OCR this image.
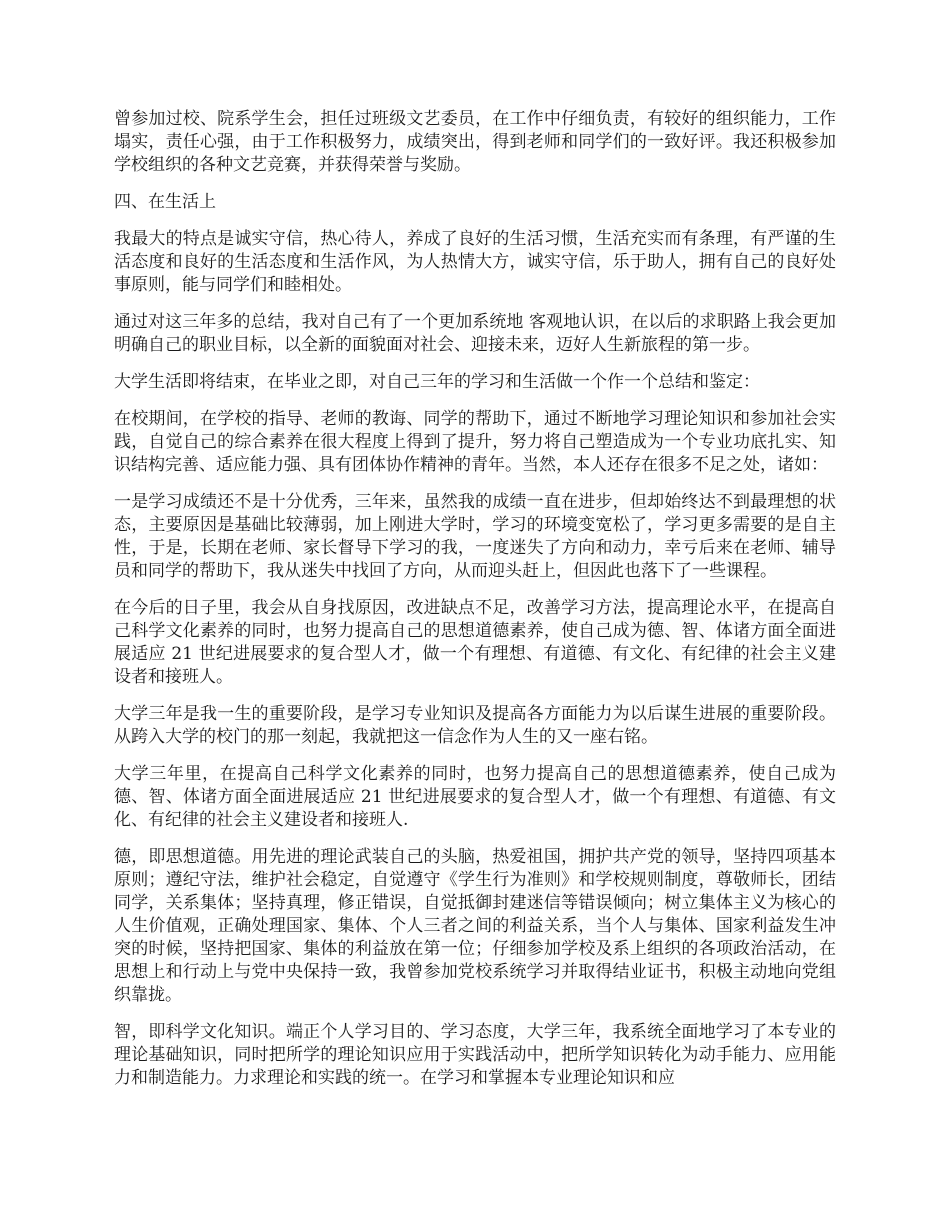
曾参加过校、院系学生会，担任过班级文艺委员，在工作中仔细负责，有较好的组织能力，工作塌实，责任心强，由于工作积极努力，成绩突出，得到老师和同学们的一致好评。我还积极参加学校组织的各种文艺竞赛，并获得荣誉与奖励。

四、在生活上

我最大的特点是诚实守信，热心待人，养成了良好的生活习惯，生活充实而有条理，有严谨的生活态度和良好的生活态度和生活作风，为人热情大方，诚实守信，乐于助人，拥有自己的良好处事原则，能与同学们和睦相处。

通过对这三年多的总结，我对自己有了一个更加系统地 客观地认识，在以后的求职路上我会更加明确自己的职业目标，以全新的面貌面对社会、迎接未来，迈好人生新旅程的第一步。

大学生活即将结束，在毕业之即，对自己三年的学习和生活做一个作一个总结和鉴定：

在校期间，在学校的指导、老师的教诲、同学的帮助下，通过不断地学习理论知识和参加社会实践，自觉自己的综合素养在很大程度上得到了提升，努力将自己塑造成为一个专业功底扎实、知识结构完善、适应能力强、具有团体协作精神的青年。当然，本人还存在很多不足之处，诸如：

一是学习成绩还不是十分优秀，三年来，虽然我的成绩一直在进步，但却始终达不到最理想的状态，主要原因是基础比较薄弱，加上刚进大学时，学习的环境变宽松了，学习更多需要的是自主性，于是，长期在老师、家长督导下学习的我，一度迷失了方向和动力，幸亏后来在老师、辅导员和同学的帮助下，我从迷失中找回了方向，从而迎头赶上，但因此也落下了一些课程。

在今后的日子里，我会从自身找原因，改进缺点不足，改善学习方法，提高理论水平，在提高自己科学文化素养的同时，也努力提高自己的思想道德素养，使自己成为德、智、体诸方面全面进展适应 21 世纪进展要求的复合型人才，做一个有理想、有道德、有文化、有纪律的社会主义建设者和接班人。

大学三年是我一生的重要阶段，是学习专业知识及提高各方面能力为以后谋生进展的重要阶段。从跨入大学的校门的那一刻起，我就把这一信念作为人生的又一座右铭。

大学三年里，在提高自己科学文化素养的同时，也努力提高自己的思想道德素养，使自己成为德、智、体诸方面全面进展适应 21 世纪进展要求的复合型人才，做一个有理想、有道德、有文化、有纪律的社会主义建设者和接班人.

德，即思想道德。用先进的理论武装自己的头脑，热爱祖国，拥护共产党的领导，坚持四项基本原则；遵纪守法，维护社会稳定，自觉遵守《学生行为准则》和学校规则制度，尊敬师长，团结同学，关系集体；坚持真理，修正错误，自觉抵御封建迷信等错误倾向；树立集体主义为核心的人生价值观，正确处理国家、集体、个人三者之间的利益关系，当个人与集体、国家利益发生冲突的时候，坚持把国家、集体的利益放在第一位；仔细参加学校及系上组织的各项政治活动，在思想上和行动上与党中央保持一致，我曾参加党校系统学习并取得结业证书，积极主动地向党组织靠拢。

智，即科学文化知识。端正个人学习目的、学习态度，大学三年，我系统全面地学习了本专业的理论基础知识，同时把所学的理论知识应用于实践活动中，把所学知识转化为动手能力、应用能力和制造能力。力求理论和实践的统一。在学习和掌握本专业理论知识和应
